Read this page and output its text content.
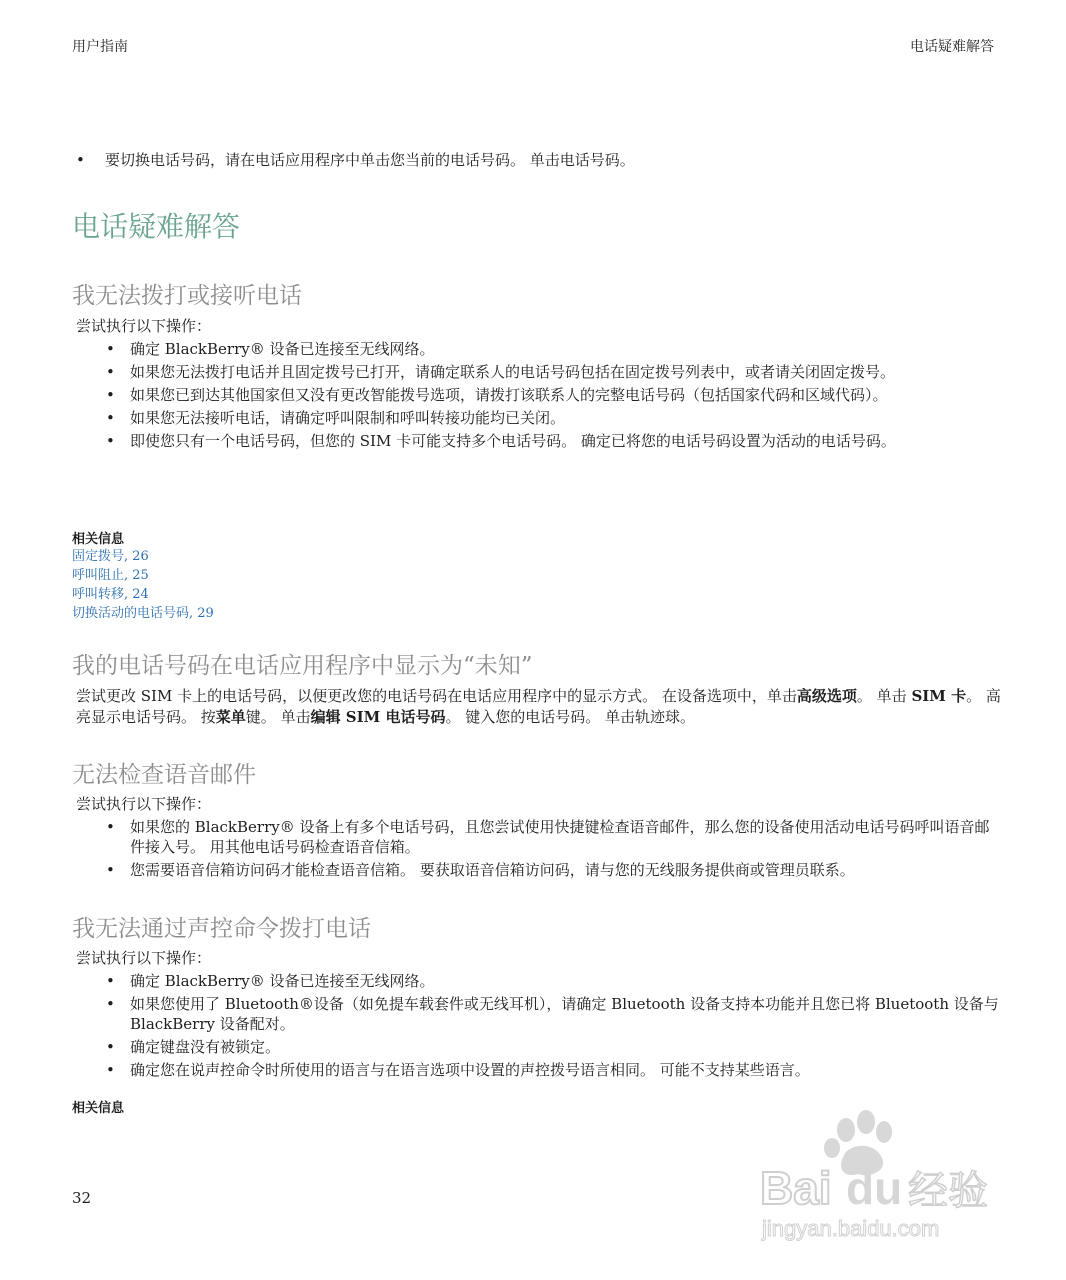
用户指南	电话疑难解答
• 要切换电话号码，请在电话应用程序中单击您当前的电话号码。 单击电话号码。
电话疑难解答
我无法拨打或接听电话

尝试执行以下操作：

• 确定 BlackBerry® 设备已连接至无线网络。
• 如果您无法拨打电话并且固定拨号已打开，请确定联系人的电话号码包括在固定拨号列表中，或者请关闭固定拨号。
• 如果您已到达其他国家但又没有更改智能拨号选项，请拨打该联系人的完整电话号码（包括国家代码和区域代码）。
• 如果您无法接听电话，请确定呼叫限制和呼叫转接功能均已关闭。
• 即使您只有一个电话号码，但您的 SIM 卡可能支持多个电话号码。 确定已将您的电话号码设置为活动的电话号码。

相关信息

固定拨号, 26
呼叫阻止, 25
呼叫转移, 24
切换活动的电话号码, 29
我的电话号码在电话应用程序中显示为“未知”

尝试更改 SIM 卡上的电话号码，以便更改您的电话号码在电话应用程序中的显示方式。 在设备选项中，单击高级选项。 单击 SIM 卡。 高亮显示电话号码。 按菜单键。 单击编辑 SIM 电话号码。 键入您的电话号码。 单击轨迹球。

无法检查语音邮件

尝试执行以下操作：

• 如果您的 BlackBerry® 设备上有多个电话号码，且您尝试使用快捷键检查语音邮件，那么您的设备使用活动电话号码呼叫语音邮件接入号。 用其他电话号码检查语音信箱。
• 您需要语音信箱访问码才能检查语音信箱。 要获取语音信箱访问码，请与您的无线服务提供商或管理员联系。
我无法通过声控命令拨打电话

尝试执行以下操作：

• 确定 BlackBerry® 设备已连接至无线网络。
• 如果您使用了 Bluetooth®设备（如免提车载套件或无线耳机），请确定 Bluetooth 设备支持本功能并且您已将 Bluetooth 设备与 BlackBerry 设备配对。
• 确定键盘没有被锁定。
• 确定您在说声控命令时所使用的语言与在语言选项中设置的声控拨号语言相同。 可能不支持某些语言。

相关信息

32	Bai du 经验
jingyan.baidu.com
